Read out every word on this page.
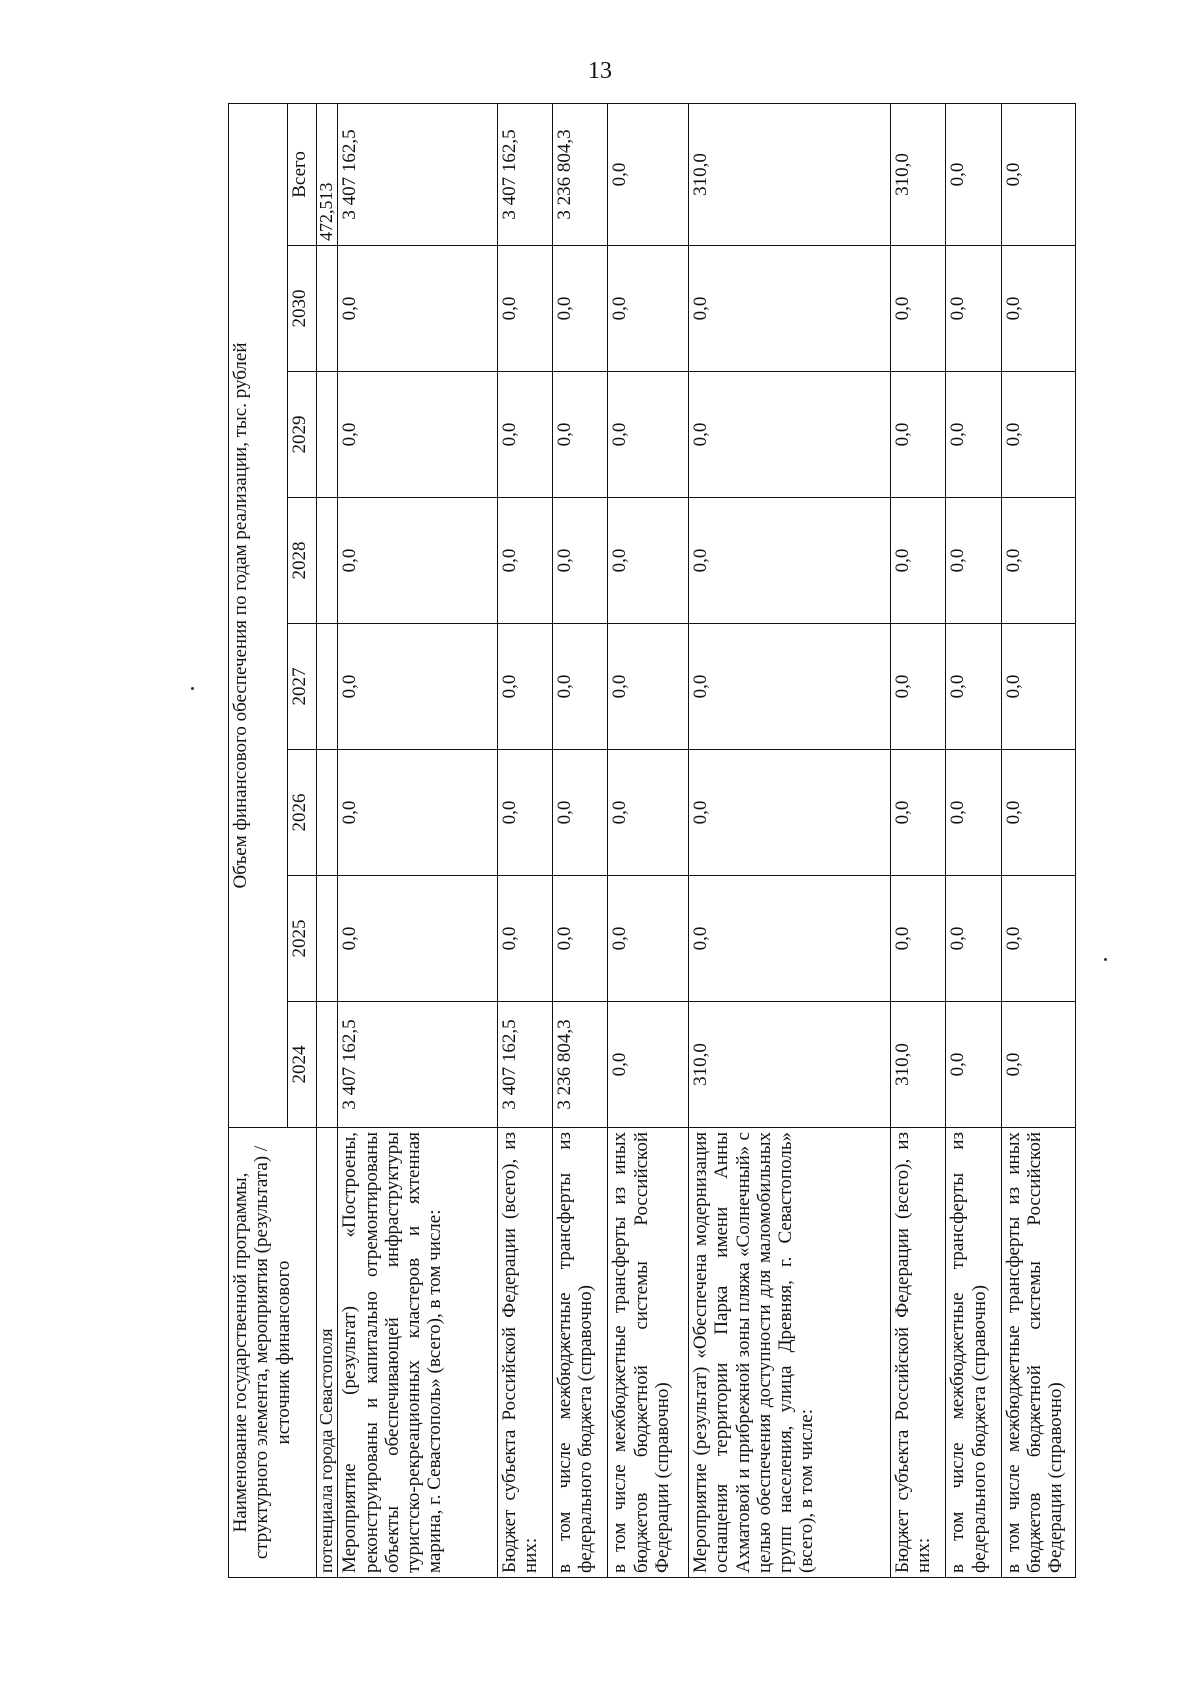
13
Наименование государственной программы, структурного элемента, мероприятия (результата) / источник финансового	Объем финансового обеспечения по годам реализации, тыс. рублей							
	2024	2025	2026	2027	2028	2029	2030	Всего
потенциала города Севастополя								472,513
Мероприятие (результат) «Построены, реконструированы и капитально отремонтированы объекты обеспечивающей инфраструктуры туристско-рекреационных кластеров и яхтенная марина, г. Севастополь» (всего), в том числе:	3 407 162,5	0,0	0,0	0,0	0,0	0,0	0,0	3 407 162,5
Бюджет субъекта Российской Федерации (всего), из них:	3 407 162,5	0,0	0,0	0,0	0,0	0,0	0,0	3 407 162,5
в том числе межбюджетные трансферты из федерального бюджета (справочно)	3 236 804,3	0,0	0,0	0,0	0,0	0,0	0,0	3 236 804,3
в том числе межбюджетные трансферты из иных бюджетов бюджетной системы Российской Федерации (справочно)	0,0	0,0	0,0	0,0	0,0	0,0	0,0	0,0
Мероприятие (результат) «Обеспечена модернизация оснащения территории Парка имени Анны Ахматовой и прибрежной зоны пляжа «Солнечный» с целью обеспечения доступности для маломобильных групп населения, улица Древняя, г. Севастополь» (всего), в том числе:	310,0	0,0	0,0	0,0	0,0	0,0	0,0	310,0
Бюджет субъекта Российской Федерации (всего), из них:	310,0	0,0	0,0	0,0	0,0	0,0	0,0	310,0
в том числе межбюджетные трансферты из федерального бюджета (справочно)	0,0	0,0	0,0	0,0	0,0	0,0	0,0	0,0
в том числе межбюджетные трансферты из иных бюджетов бюджетной системы Российской Федерации (справочно)	0,0	0,0	0,0	0,0	0,0	0,0	0,0	0,0
